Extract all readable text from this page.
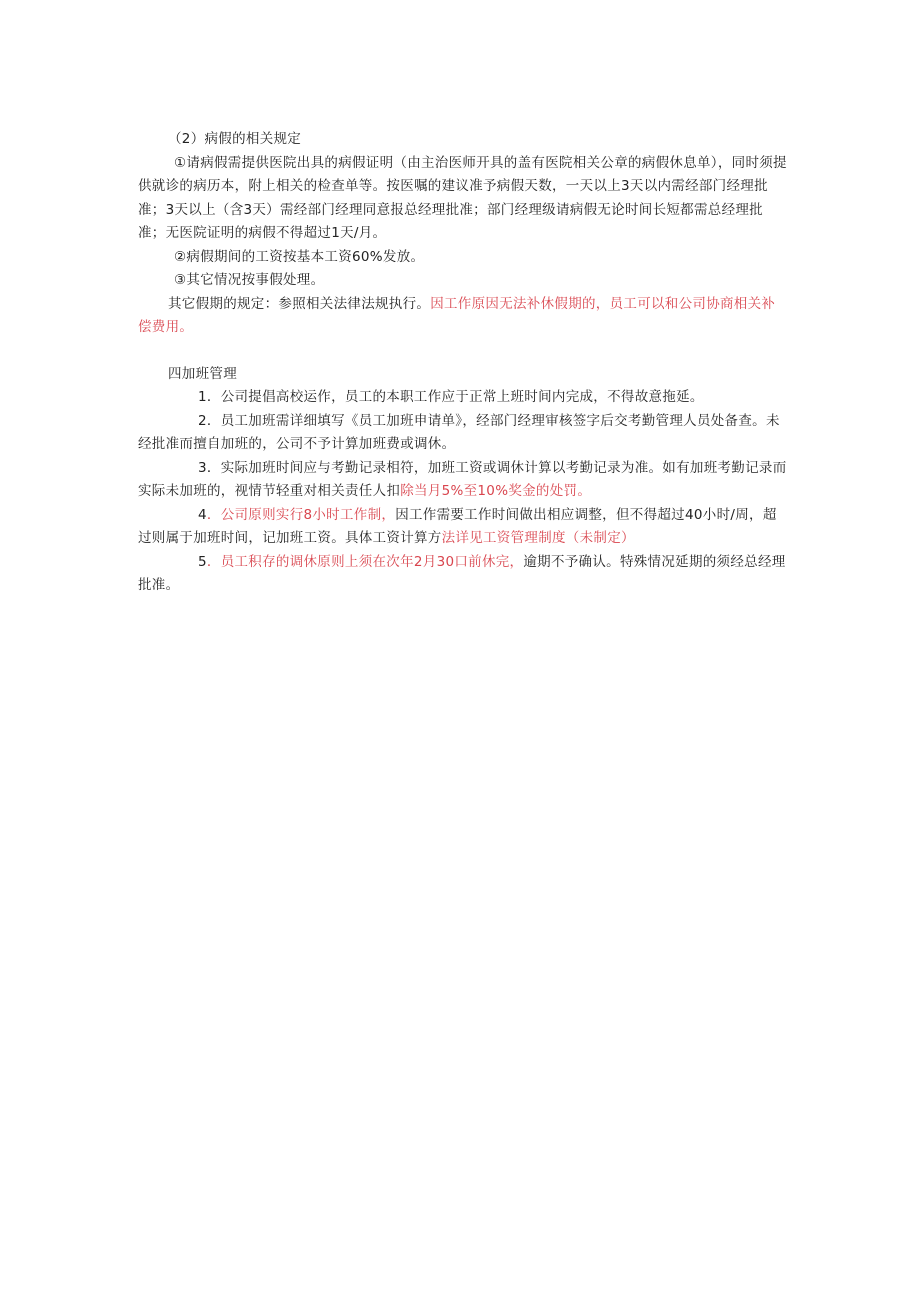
（2）病假的相关规定

①请病假需提供医院出具的病假证明（由主治医师开具的盖有医院相关公章的病假休息单），同时须提供就诊的病历本，附上相关的检查单等。按医嘱的建议准予病假天数，一天以上3天以内需经部门经理批准；3天以上（含3天）需经部门经理同意报总经理批准；部门经理级请病假无论时间长短都需总经理批准；无医院证明的病假不得超过1天/月。

②病假期间的工资按基本工资60%发放。

③其它情况按事假处理。

其它假期的规定：参照相关法律法规执行。因工作原因无法补休假期的，员工可以和公司协商相关补偿费用。

四加班管理

1．公司提倡高校运作，员工的本职工作应于正常上班时间内完成，不得故意拖延。

2．员工加班需详细填写《员工加班申请单》，经部门经理审核签字后交考勤管理人员处备查。未经批准而擅自加班的，公司不予计算加班费或调休。

3．实际加班时间应与考勤记录相符，加班工资或调休计算以考勤记录为准。如有加班考勤记录而实际未加班的，视情节轻重对相关责任人扣除当月5%至10%奖金的处罚。

4．公司原则实行8小时工作制，因工作需要工作时间做出相应调整，但不得超过40小时/周，超过则属于加班时间，记加班工资。具体工资计算方法详见工资管理制度（未制定）

5．员工积存的调休原则上须在次年2月30口前休完，逾期不予确认。特殊情况延期的须经总经理批准。
